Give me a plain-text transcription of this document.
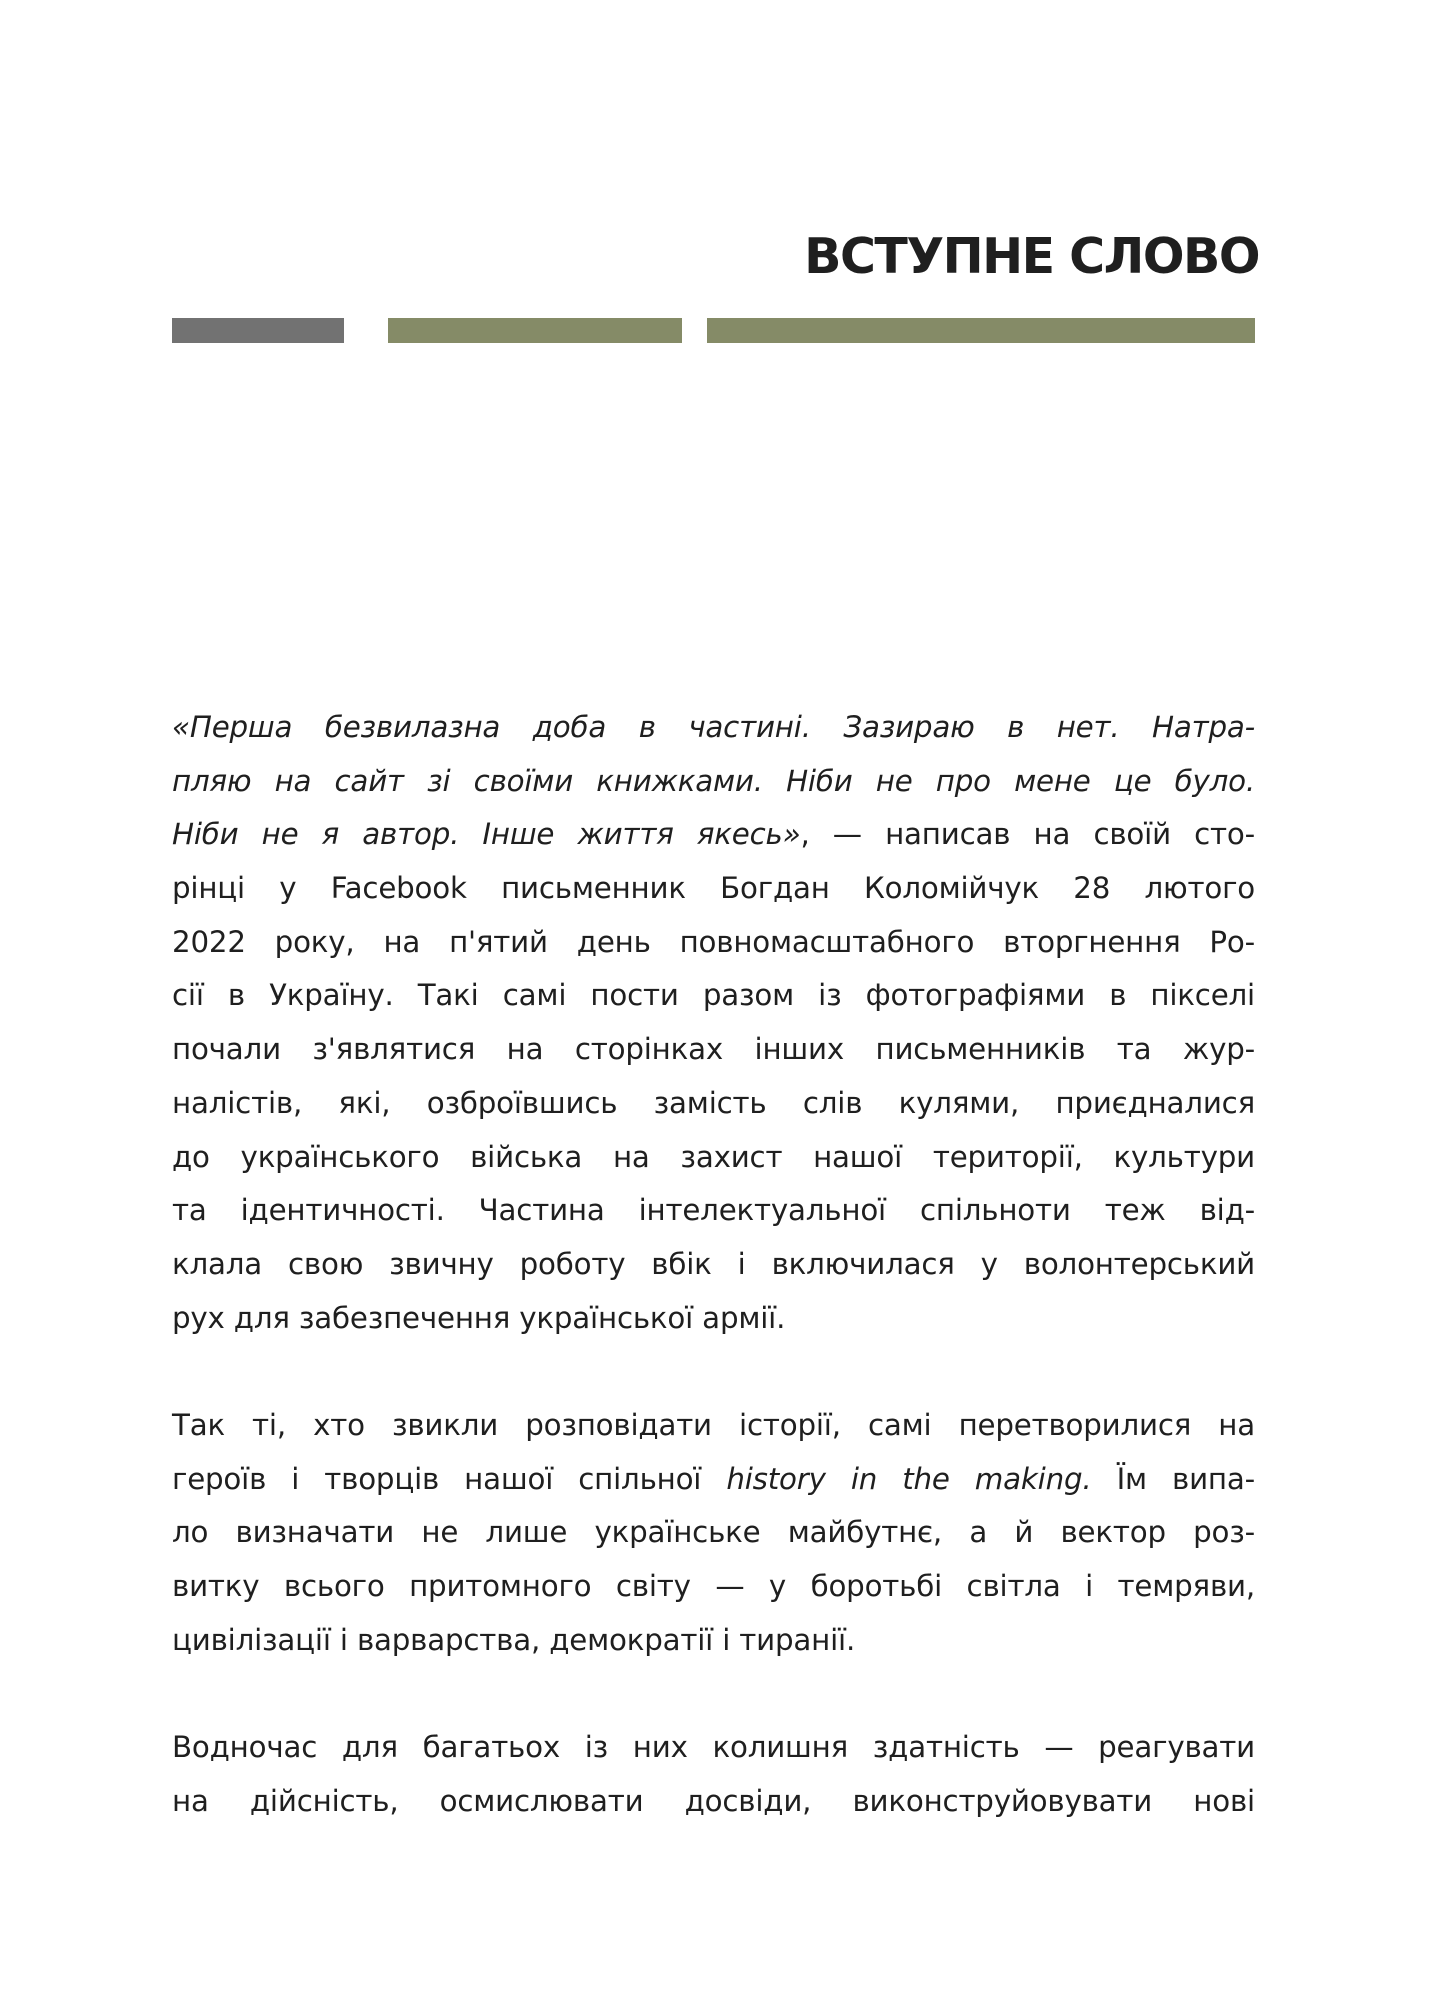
ВСТУПНЕ СЛОВО
«Перша безвилазна доба в частині. Зазираю в нет. Натра-
пляю на сайт зі своїми книжками. Ніби не про мене це було.
Ніби не я автор. Інше життя якесь», — написав на своїй сто-
рінці у Facebook письменник Богдан Коломійчук 28 лютого
2022 року, на п'ятий день повномасштабного вторгнення Ро-
сії в Україну. Такі самі пости разом із фотографіями в пікселі
почали з'являтися на сторінках інших письменників та жур-
налістів, які, озброївшись замість слів кулями, приєдналися
до українського війська на захист нашої території, культури
та ідентичності. Частина інтелектуальної спільноти теж від-
клала свою звичну роботу вбік і включилася у волонтерський
рух для забезпечення української армії.
Так ті, хто звикли розповідати історії, самі перетворилися на
героїв і творців нашої спільної history in the making. Їм випа-
ло визначати не лише українське майбутнє, а й вектор роз-
витку всього притомного світу — у боротьбі світла і темряви,
цивілізації і варварства, демократії і тиранії.
Водночас для багатьох із них колишня здатність — реагувати
на дійсність, осмислювати досвіди, виконструйовувати нові
